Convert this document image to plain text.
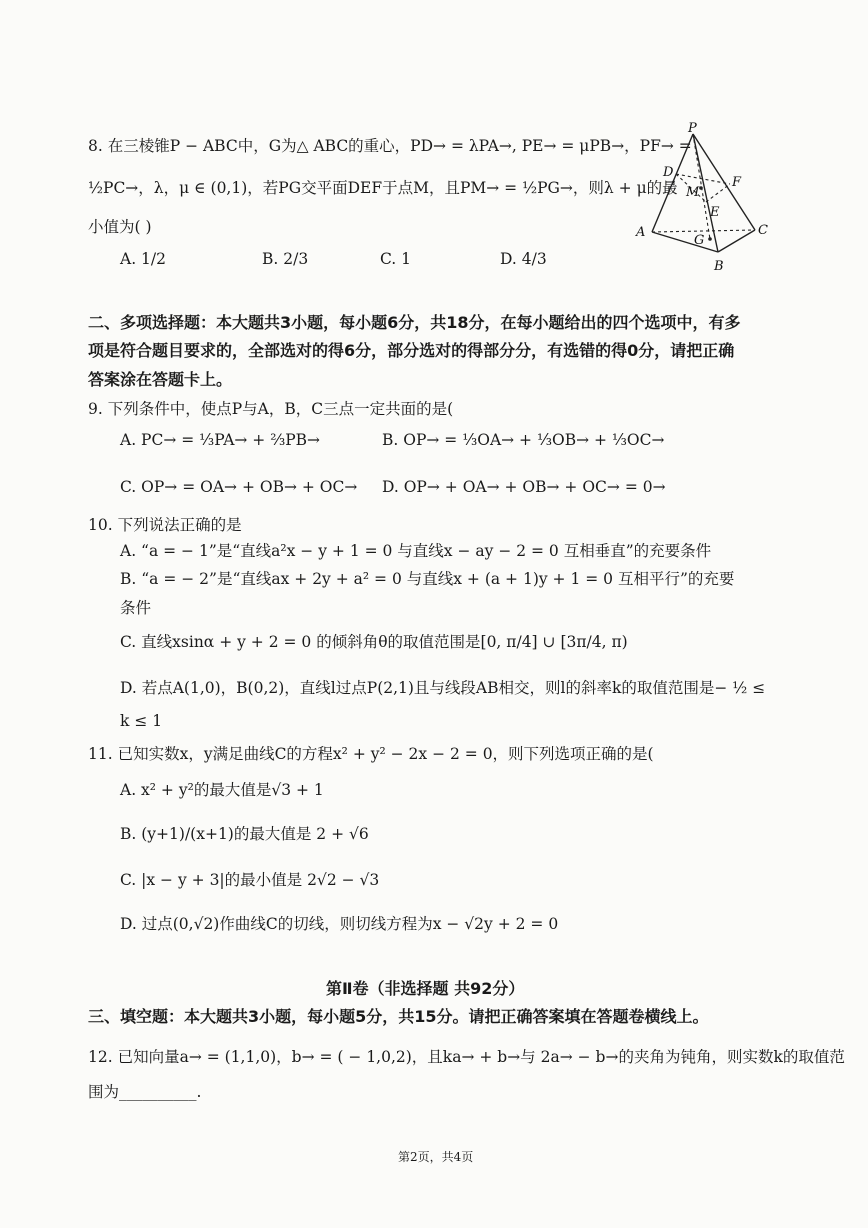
8. 在三棱锥P − ABC中，G为△ ABC的重心，PD→ = λPA→, PE→ = μPB→，PF→ =
½PC→，λ，μ ∈ (0,1)，若PG交平面DEF于点M，且PM→ = ½PG→，则λ + μ的最
小值为( )
A. 1/2	B. 2/3	C. 1	D. 4/3
P
D
F
M
E
A
G
C
B
二、多项选择题：本大题共3小题，每小题6分，共18分，在每小题给出的四个选项中，有多
项是符合题目要求的，全部选对的得6分，部分选对的得部分分，有选错的得0分，请把正确
答案涂在答题卡上。
9. 下列条件中，使点P与A，B，C三点一定共面的是(
A. PC→ = ⅓PA→ + ⅔PB→	B. OP→ = ⅓OA→ + ⅓OB→ + ⅓OC→
C. OP→ = OA→ + OB→ + OC→ D. OP→ + OA→ + OB→ + OC→ = 0→
10. 下列说法正确的是
A. “a = − 1”是“直线a²x − y + 1 = 0 与直线x − ay − 2 = 0 互相垂直”的充要条件
B. “a = − 2”是“直线ax + 2y + a² = 0 与直线x + (a + 1)y + 1 = 0 互相平行”的充要
条件
C. 直线xsinα + y + 2 = 0 的倾斜角θ的取值范围是[0, π/4] ∪ [3π/4, π)
D. 若点A(1,0)，B(0,2)，直线l过点P(2,1)且与线段AB相交，则l的斜率k的取值范围是− ½ ≤
k ≤ 1
11. 已知实数x，y满足曲线C的方程x² + y² − 2x − 2 = 0，则下列选项正确的是(
A. x² + y²的最大值是√3 + 1
B. (y+1)/(x+1)的最大值是 2 + √6
C. |x − y + 3|的最小值是 2√2 − √3
D. 过点(0,√2)作曲线C的切线，则切线方程为x − √2y + 2 = 0
第Ⅱ卷（非选择题 共92分）
三、填空题：本大题共3小题，每小题5分，共15分。请把正确答案填在答题卷横线上。
12. 已知向量a→ = (1,1,0)，b→ = ( − 1,0,2)，且ka→ + b→与 2a→ − b→的夹角为钝角，则实数k的取值范
围为__________.
第2页，共4页
